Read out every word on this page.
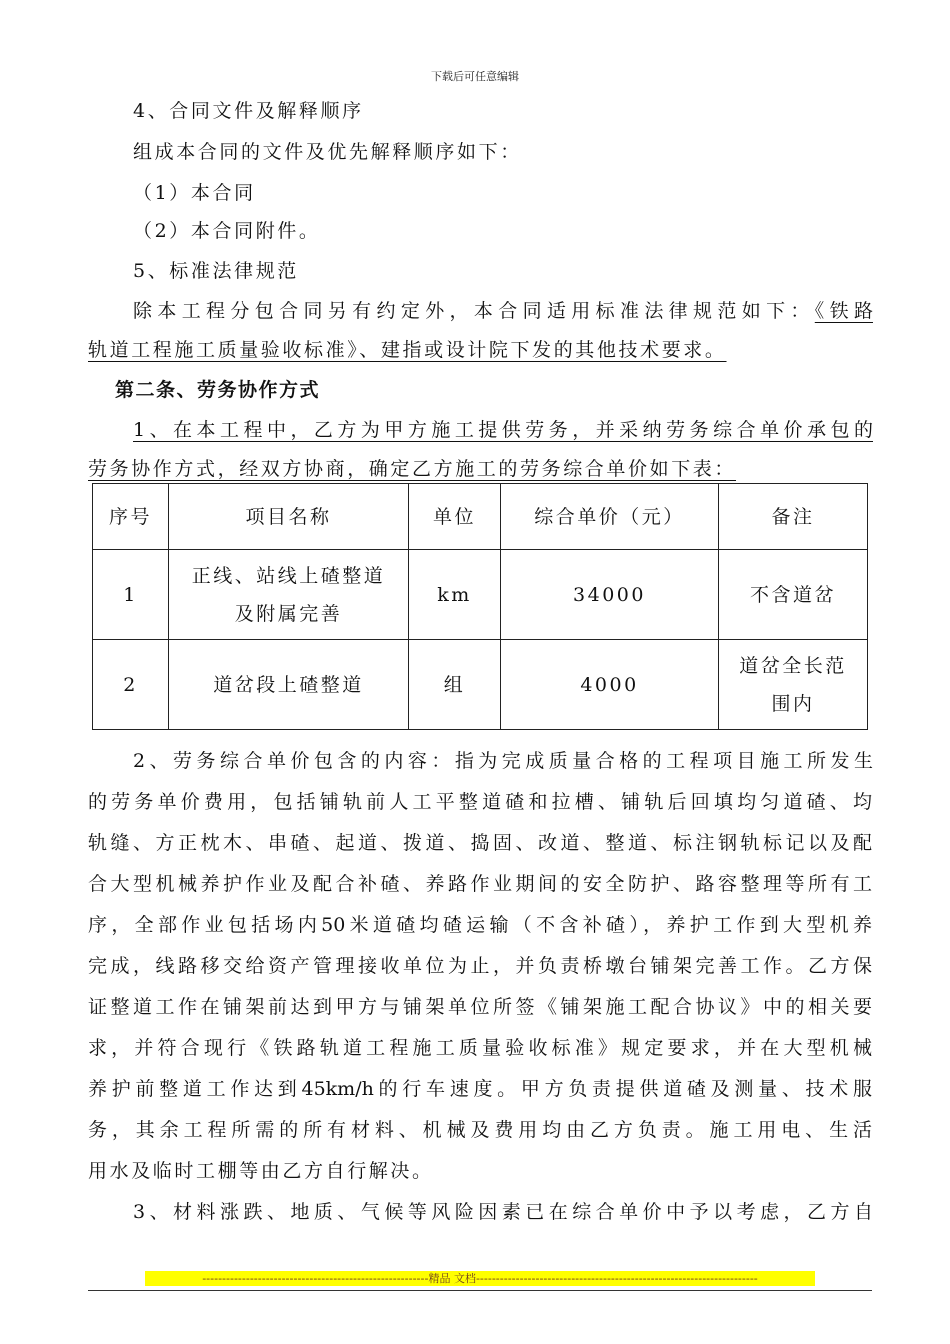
下载后可任意编辑
4、合同文件及解释顺序
组成本合同的文件及优先解释顺序如下：
（1）本合同
（2）本合同附件。
5、标准法律规范
除本工程分包合同另有约定外，本合同适用标准法律规范如下：《铁路
轨道工程施工质量验收标准》、建指或设计院下发的其他技术要求。
第二条、劳务协作方式
1、在本工程中，乙方为甲方施工提供劳务，并采纳劳务综合单价承包的
劳务协作方式，经双方协商，确定乙方施工的劳务综合单价如下表：
序号	项目名称	单位	综合单价（元）	备注
1	正线、站线上碴整道
及附属完善	km	34000	不含道岔

2	道岔段上碴整道	组	4000	道岔全长范
围内
2、劳务综合单价包含的内容：指为完成质量合格的工程项目施工所发生
的劳务单价费用，包括铺轨前人工平整道碴和拉槽、铺轨后回填均匀道碴、均
轨缝、方正枕木、串碴、起道、拨道、捣固、改道、整道、标注钢轨标记以及配
合大型机械养护作业及配合补碴、养路作业期间的安全防护、路容整理等所有工
序，全部作业包括场内50米道碴均碴运输（不含补碴），养护工作到大型机养
完成，线路移交给资产管理接收单位为止，并负责桥墩台铺架完善工作。乙方保
证整道工作在铺架前达到甲方与铺架单位所签《铺架施工配合协议》中的相关要
求，并符合现行《铁路轨道工程施工质量验收标准》规定要求，并在大型机械
养护前整道工作达到45km/h的行车速度。甲方负责提供道碴及测量、技术服
务，其余工程所需的所有材料、机械及费用均由乙方负责。施工用电、生活
用水及临时工棚等由乙方自行解决。
3、材料涨跌、地质、气候等风险因素已在综合单价中予以考虑，乙方自
---------------------------------------------------------精品 文档-----------------------------------------------------------------------
